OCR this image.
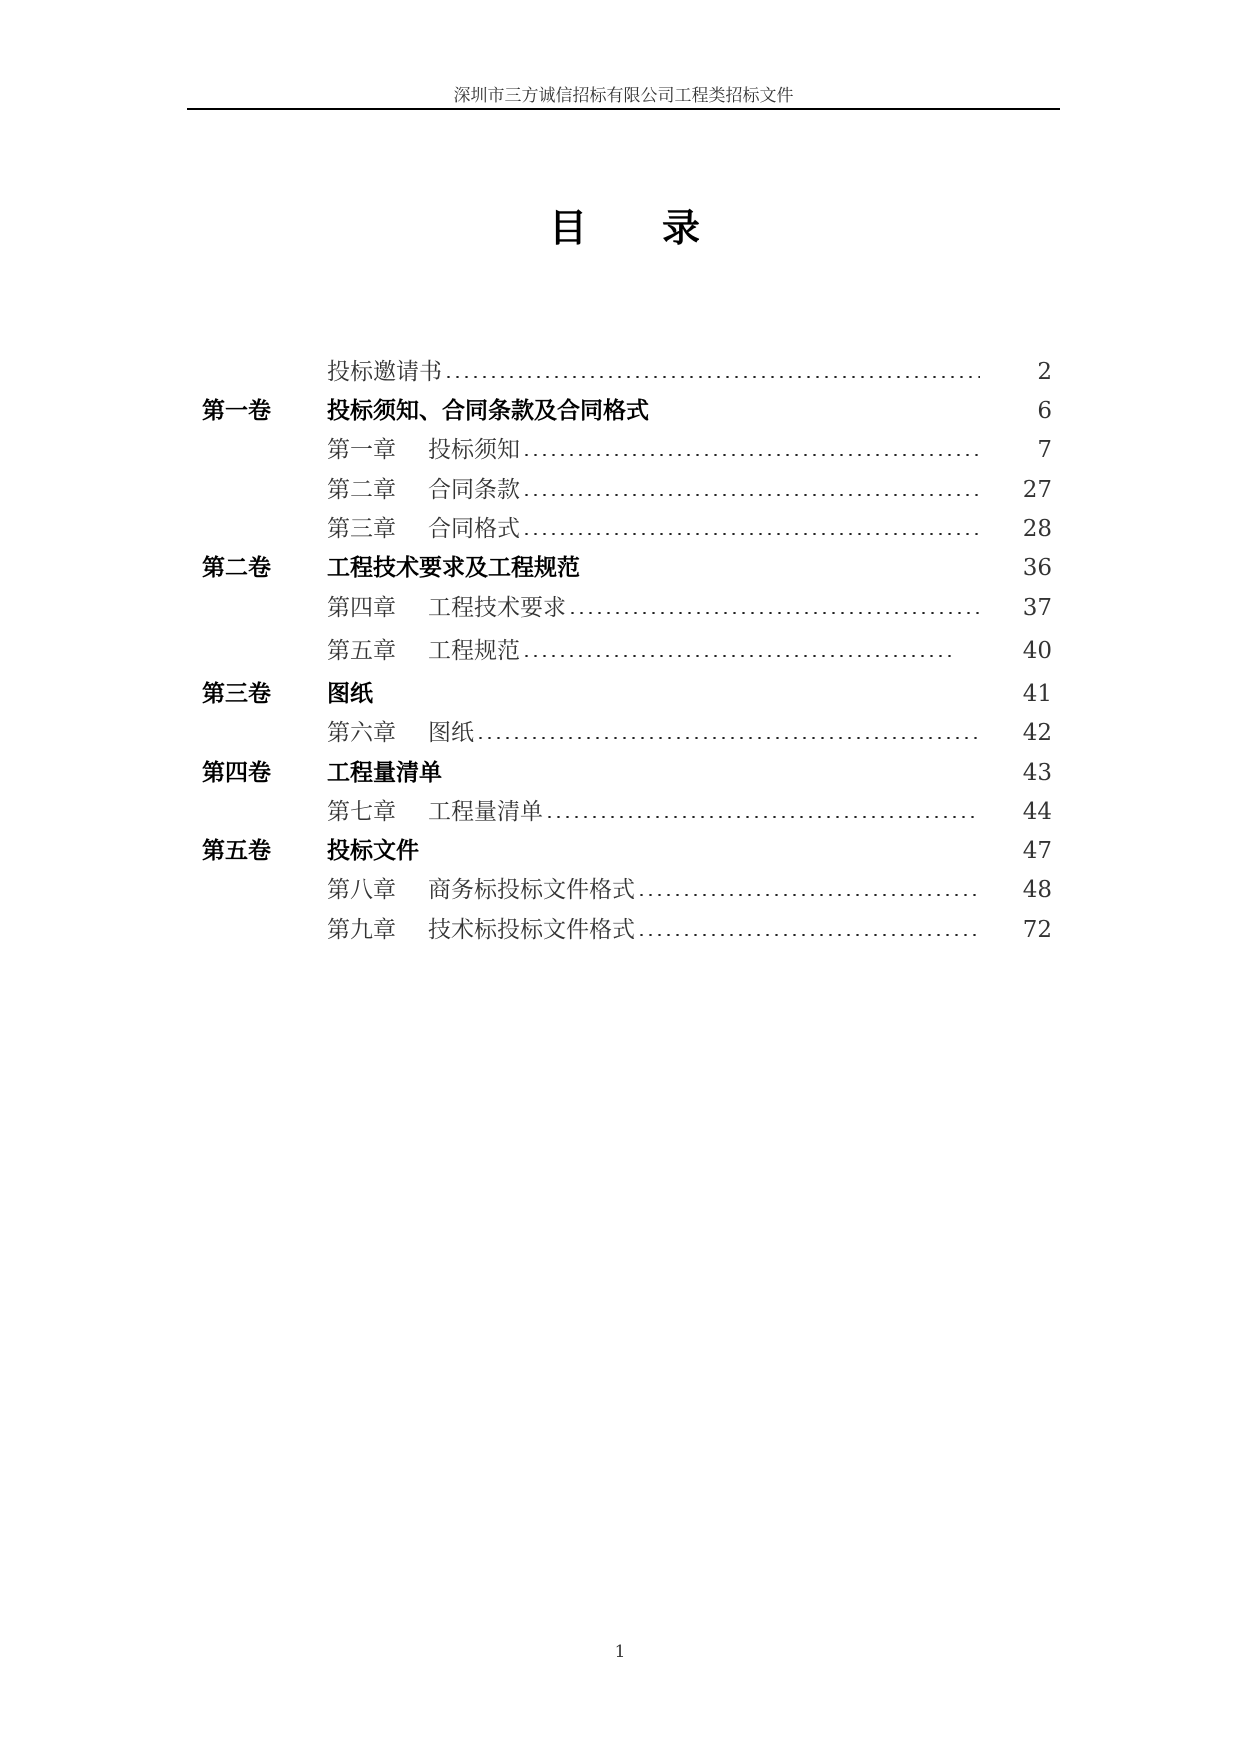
深圳市三方诚信招标有限公司工程类招标文件
目 录
投标邀请书	2
第一卷 投标须知、合同条款及合同格式	6
第一章	投标须知	7
第二章	合同条款	27
第三章	合同格式	28
第二卷 工程技术要求及工程规范	36
第四章	工程技术要求	37
第五章	工程规范	40
第三卷 图纸	41
第六章	图纸	42
第四卷 工程量清单	43
第七章	工程量清单	44
第五卷 投标文件	47
第八章	商务标投标文件格式	48
第九章	技术标投标文件格式	72
1
